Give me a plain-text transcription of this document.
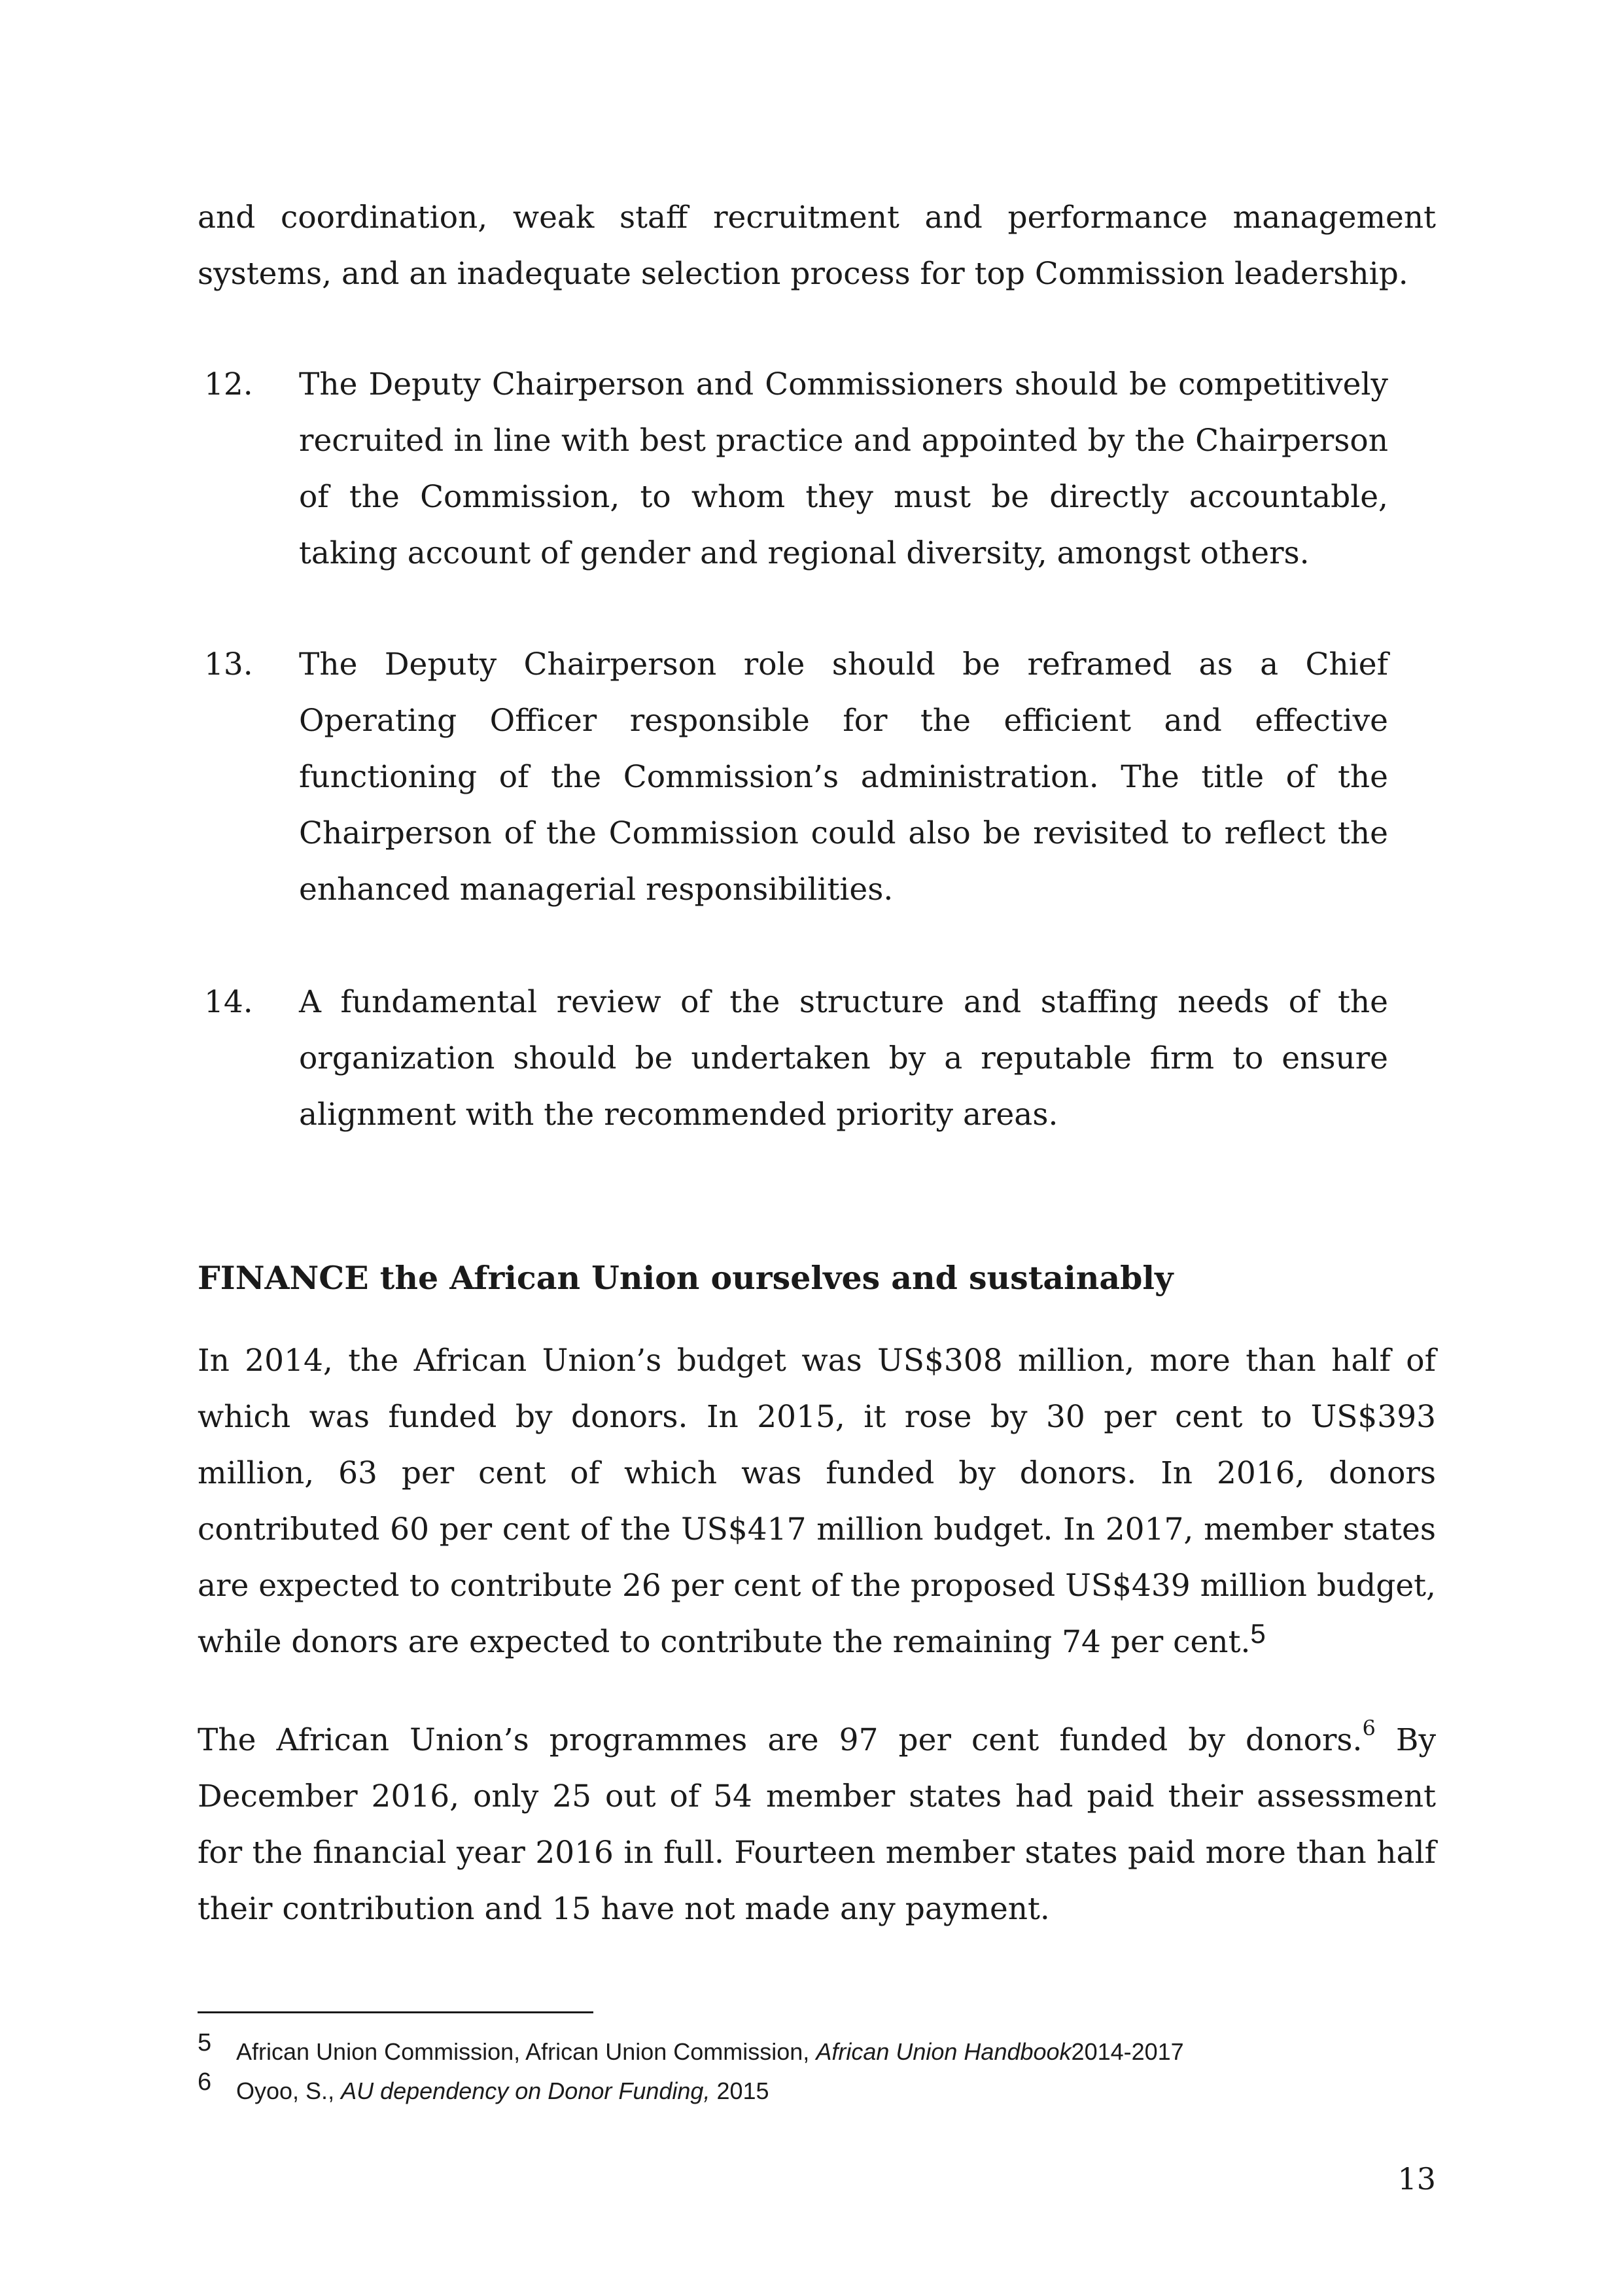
and coordination, weak staff recruitment and performance management systems, and an inadequate selection process for top Commission leadership.

12. The Deputy Chairperson and Commissioners should be competitively recruited in line with best practice and appointed by the Chairperson of the Commission, to whom they must be directly accountable, taking account of gender and regional diversity, amongst others.

13. The Deputy Chairperson role should be reframed as a Chief Operating Officer responsible for the efficient and effective functioning of the Commission’s administration. The title of the Chairperson of the Commission could also be revisited to reflect the enhanced managerial responsibilities.

14. A fundamental review of the structure and staffing needs of the organization should be undertaken by a reputable firm to ensure alignment with the recommended priority areas.

FINANCE the African Union ourselves and sustainably

In 2014, the African Union’s budget was US$308 million, more than half of which was funded by donors. In 2015, it rose by 30 per cent to US$393 million, 63 per cent of which was funded by donors. In 2016, donors contributed 60 per cent of the US$417 million budget. In 2017, member states are expected to contribute 26 per cent of the proposed US$439 million budget, while donors are expected to contribute the remaining 74 per cent.5

The African Union’s programmes are 97 per cent funded by donors.$^6$ By December 2016, only 25 out of 54 member states had paid their assessment for the financial year 2016 in full. Fourteen member states paid more than half their contribution and 15 have not made any payment.

5 African Union Commission, African Union Commission, African Union Handbook2014-2017
6 Oyoo, S., AU dependency on Donor Funding, 2015
13
